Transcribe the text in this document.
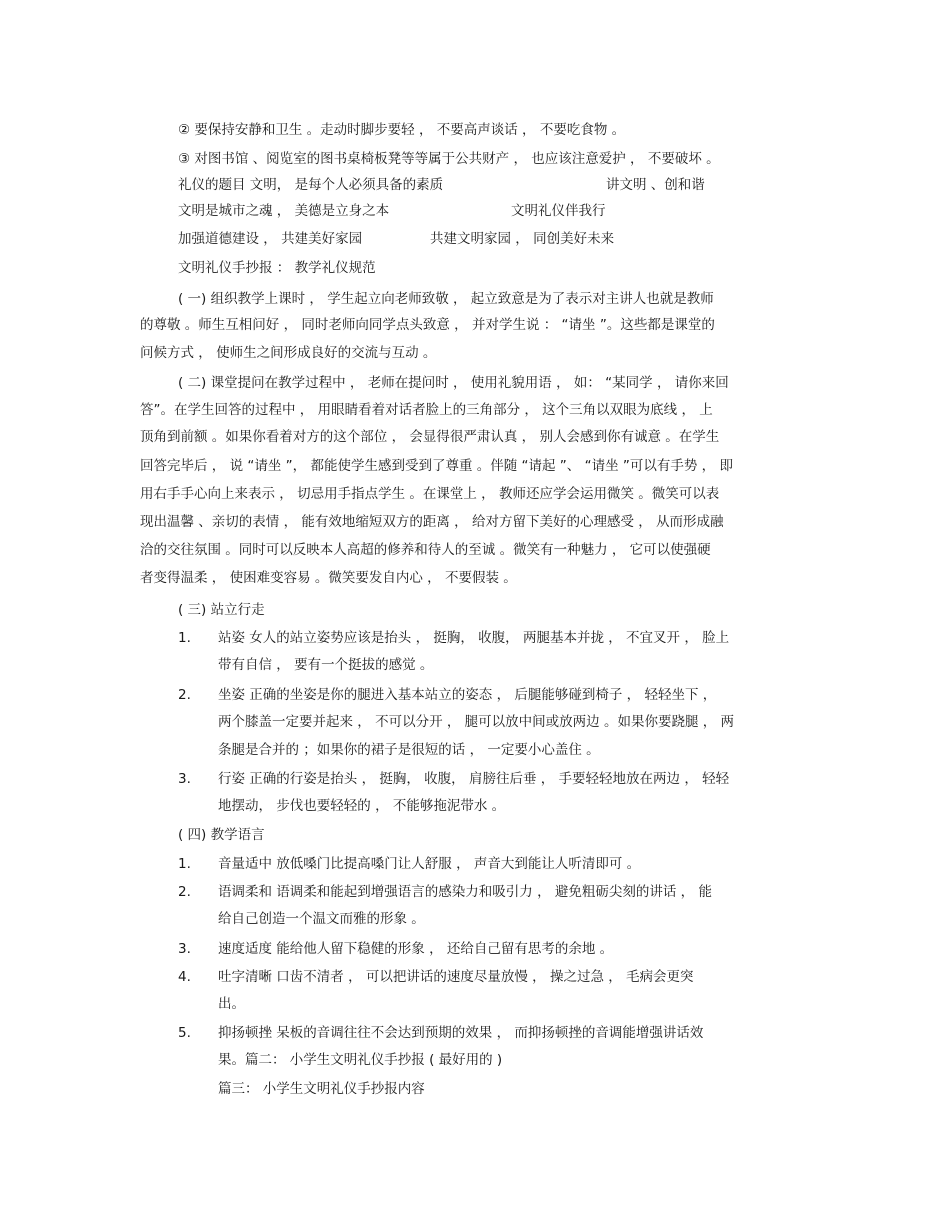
② 要保持安静和卫生 。走动时脚步要轻 ， 不要高声谈话 ， 不要吃食物 。
③ 对图书馆 、阅览室的图书桌椅板凳等等属于公共财产 ， 也应该注意爱护 ， 不要破坏 。
礼仪的题目 文明， 是每个人必须具备的素质	讲文明 、创和谐
文明是城市之魂 ， 美德是立身之本	文明礼仪伴我行
加强道德建设 ， 共建美好家园	共建文明家园 ， 同创美好未来
文明礼仪手抄报 ： 教学礼仪规范
( 一) 组织教学上课时 ， 学生起立向老师致敬 ， 起立致意是为了表示对主讲人也就是教师
的尊敬 。师生互相问好 ， 同时老师向同学点头致意 ， 并对学生说 ： “请坐 ”。这些都是课堂的
问候方式 ， 使师生之间形成良好的交流与互动 。
( 二) 课堂提问在教学过程中 ， 老师在提问时 ， 使用礼貌用语 ， 如： “某同学 ， 请你来回
答”。在学生回答的过程中 ， 用眼睛看着对话者脸上的三角部分 ， 这个三角以双眼为底线 ， 上
顶角到前额 。如果你看着对方的这个部位 ， 会显得很严肃认真 ， 别人会感到你有诚意 。在学生
回答完毕后 ， 说 “请坐 ”， 都能使学生感到受到了尊重 。伴随 “请起 ”、 “请坐 ”可以有手势 ， 即
用右手手心向上来表示 ， 切忌用手指点学生 。在课堂上 ， 教师还应学会运用微笑 。微笑可以表
现出温馨 、亲切的表情 ， 能有效地缩短双方的距离 ， 给对方留下美好的心理感受 ， 从而形成融
洽的交往氛围 。同时可以反映本人高超的修养和待人的至诚 。微笑有一种魅力 ， 它可以使强硬
者变得温柔 ， 使困难变容易 。微笑要发自内心 ， 不要假装 。
( 三) 站立行走
1. 站姿 女人的站立姿势应该是抬头 ， 挺胸， 收腹， 两腿基本并拢 ， 不宜叉开 ， 脸上
带有自信 ， 要有一个挺拔的感觉 。
2. 坐姿 正确的坐姿是你的腿进入基本站立的姿态 ， 后腿能够碰到椅子 ， 轻轻坐下 ，
两个膝盖一定要并起来 ， 不可以分开 ， 腿可以放中间或放两边 。如果你要跷腿 ， 两
条腿是合并的 ；如果你的裙子是很短的话 ， 一定要小心盖住 。
3. 行姿 正确的行姿是抬头 ， 挺胸， 收腹， 肩膀往后垂 ， 手要轻轻地放在两边 ， 轻轻
地摆动， 步伐也要轻轻的 ， 不能够拖泥带水 。
( 四) 教学语言
1. 音量适中 放低嗓门比提高嗓门让人舒服 ， 声音大到能让人听清即可 。
2. 语调柔和 语调柔和能起到增强语言的感染力和吸引力 ， 避免粗砺尖刻的讲话 ， 能
给自己创造一个温文而雅的形象 。
3. 速度适度 能给他人留下稳健的形象 ， 还给自己留有思考的余地 。
4. 吐字清晰 口齿不清者 ， 可以把讲话的速度尽量放慢 ， 操之过急 ， 毛病会更突
出。
5. 抑扬顿挫 呆板的音调往往不会达到预期的效果 ， 而抑扬顿挫的音调能增强讲话效
果。篇二： 小学生文明礼仪手抄报 ( 最好用的 )
篇三： 小学生文明礼仪手抄报内容
